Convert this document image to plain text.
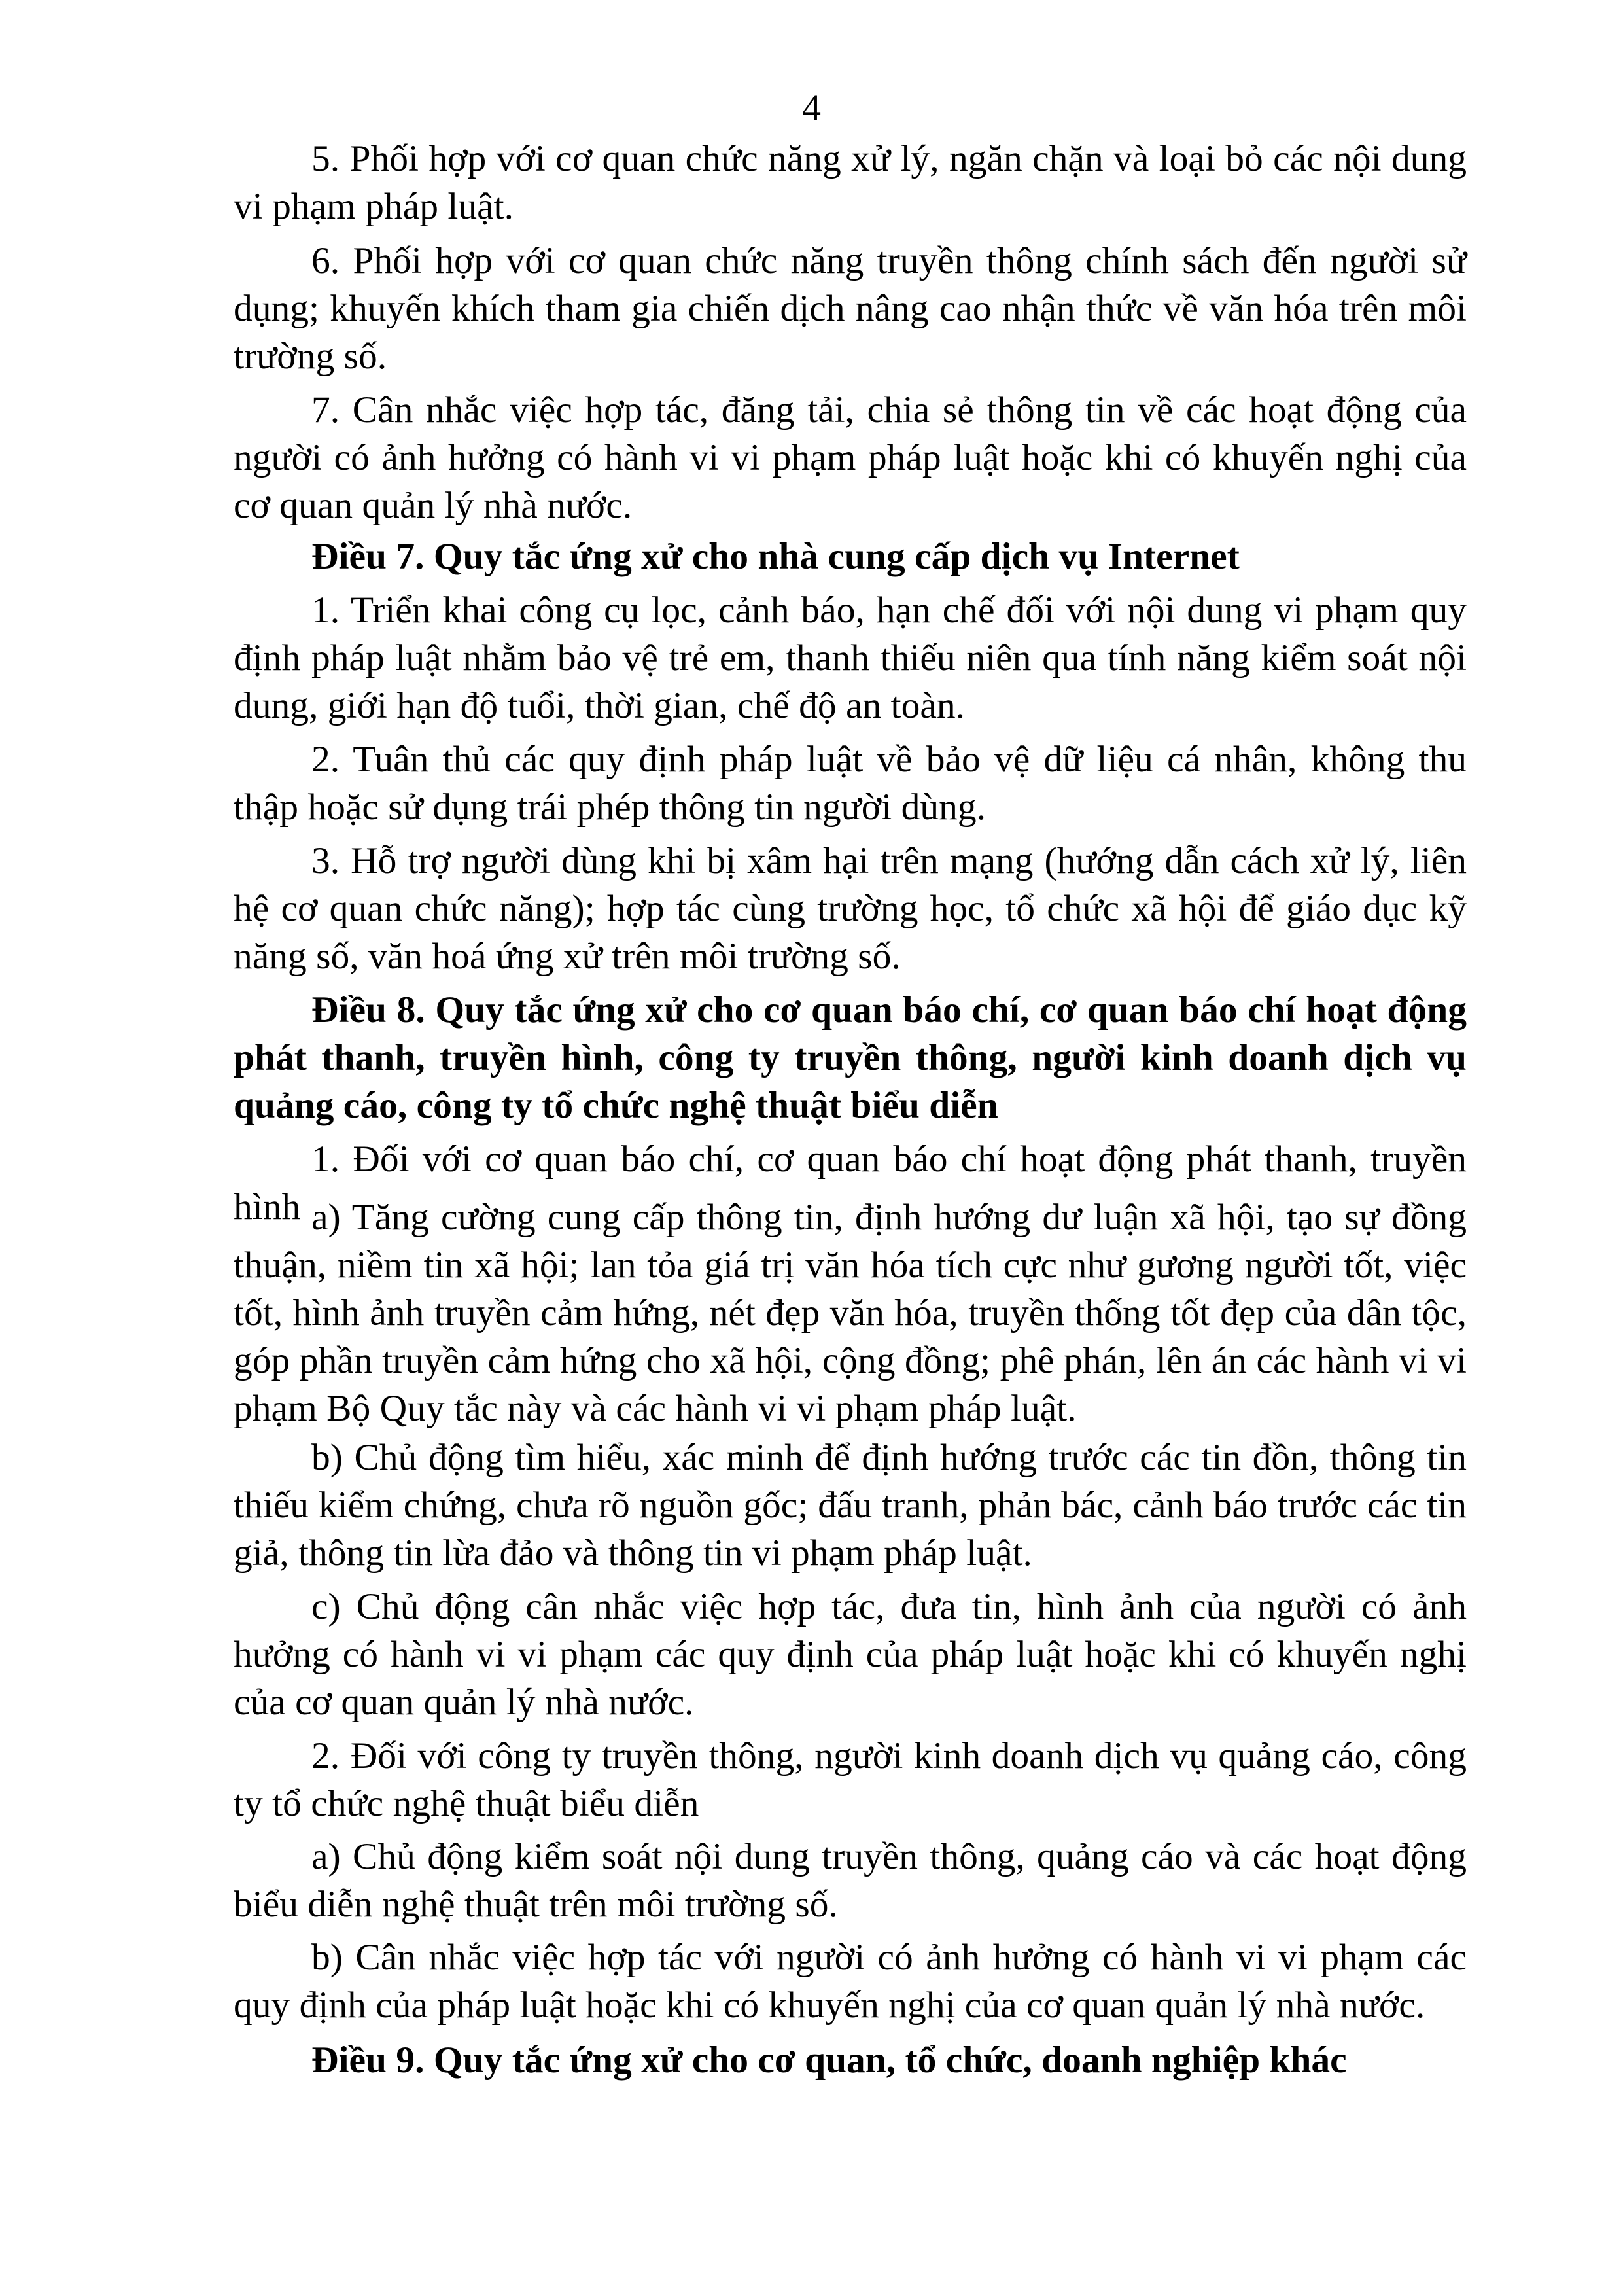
4

5. Phối hợp với cơ quan chức năng xử lý, ngăn chặn và loại bỏ các nội dung vi phạm pháp luật.

6. Phối hợp với cơ quan chức năng truyền thông chính sách đến người sử dụng; khuyến khích tham gia chiến dịch nâng cao nhận thức về văn hóa trên môi trường số.

7. Cân nhắc việc hợp tác, đăng tải, chia sẻ thông tin về các hoạt động của người có ảnh hưởng có hành vi vi phạm pháp luật hoặc khi có khuyến nghị của cơ quan quản lý nhà nước.

Điều 7. Quy tắc ứng xử cho nhà cung cấp dịch vụ Internet

1. Triển khai công cụ lọc, cảnh báo, hạn chế đối với nội dung vi phạm quy định pháp luật nhằm bảo vệ trẻ em, thanh thiếu niên qua tính năng kiểm soát nội dung, giới hạn độ tuổi, thời gian, chế độ an toàn.

2. Tuân thủ các quy định pháp luật về bảo vệ dữ liệu cá nhân, không thu thập hoặc sử dụng trái phép thông tin người dùng.

3. Hỗ trợ người dùng khi bị xâm hại trên mạng (hướng dẫn cách xử lý, liên hệ cơ quan chức năng); hợp tác cùng trường học, tổ chức xã hội để giáo dục kỹ năng số, văn hoá ứng xử trên môi trường số.

Điều 8. Quy tắc ứng xử cho cơ quan báo chí, cơ quan báo chí hoạt động phát thanh, truyền hình, công ty truyền thông, người kinh doanh dịch vụ quảng cáo, công ty tổ chức nghệ thuật biểu diễn

1. Đối với cơ quan báo chí, cơ quan báo chí hoạt động phát thanh, truyền hình a) Tăng cường cung cấp thông tin, định hướng dư luận xã hội, tạo sự đồng thuận, niềm tin xã hội; lan tỏa giá trị văn hóa tích cực như gương người tốt, việc tốt, hình ảnh truyền cảm hứng, nét đẹp văn hóa, truyền thống tốt đẹp của dân tộc, góp phần truyền cảm hứng cho xã hội, cộng đồng; phê phán, lên án các hành vi vi phạm Bộ Quy tắc này và các hành vi vi phạm pháp luật.

b) Chủ động tìm hiểu, xác minh để định hướng trước các tin đồn, thông tin thiếu kiểm chứng, chưa rõ nguồn gốc; đấu tranh, phản bác, cảnh báo trước các tin giả, thông tin lừa đảo và thông tin vi phạm pháp luật.

c) Chủ động cân nhắc việc hợp tác, đưa tin, hình ảnh của người có ảnh hưởng có hành vi vi phạm các quy định của pháp luật hoặc khi có khuyến nghị của cơ quan quản lý nhà nước.

2. Đối với công ty truyền thông, người kinh doanh dịch vụ quảng cáo, công ty tổ chức nghệ thuật biểu diễn

a) Chủ động kiểm soát nội dung truyền thông, quảng cáo và các hoạt động biểu diễn nghệ thuật trên môi trường số.

b) Cân nhắc việc hợp tác với người có ảnh hưởng có hành vi vi phạm các quy định của pháp luật hoặc khi có khuyến nghị của cơ quan quản lý nhà nước.

Điều 9. Quy tắc ứng xử cho cơ quan, tổ chức, doanh nghiệp khác
